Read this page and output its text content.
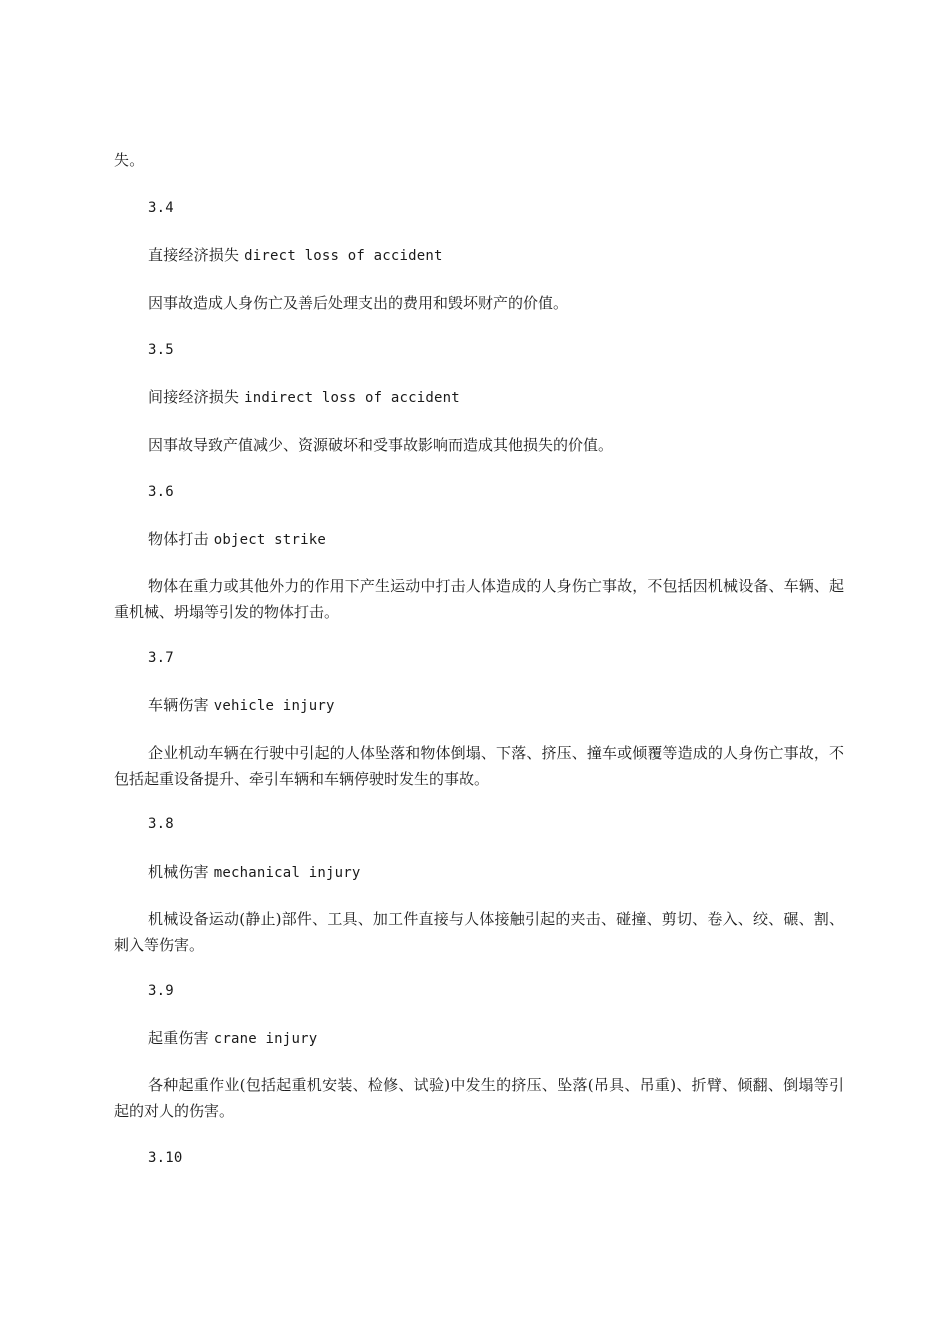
失。
3.4
直接经济损失 direct loss of accident
因事故造成人身伤亡及善后处理支出的费用和毁坏财产的价值。
3.5
间接经济损失 indirect loss of accident
因事故导致产值减少、资源破坏和受事故影响而造成其他损失的价值。
3.6
物体打击 object strike
物体在重力或其他外力的作用下产生运动中打击人体造成的人身伤亡事故，不包括因机械设备、车辆、起重机械、坍塌等引发的物体打击。
3.7
车辆伤害 vehicle injury
企业机动车辆在行驶中引起的人体坠落和物体倒塌、下落、挤压、撞车或倾覆等造成的人身伤亡事故，不包括起重设备提升、牵引车辆和车辆停驶时发生的事故。
3.8
机械伤害 mechanical injury
机械设备运动(静止)部件、工具、加工件直接与人体接触引起的夹击、碰撞、剪切、卷入、绞、碾、割、刺入等伤害。
3.9
起重伤害 crane injury
各种起重作业(包括起重机安装、检修、试验)中发生的挤压、坠落(吊具、吊重)、折臂、倾翻、倒塌等引起的对人的伤害。
3.10
